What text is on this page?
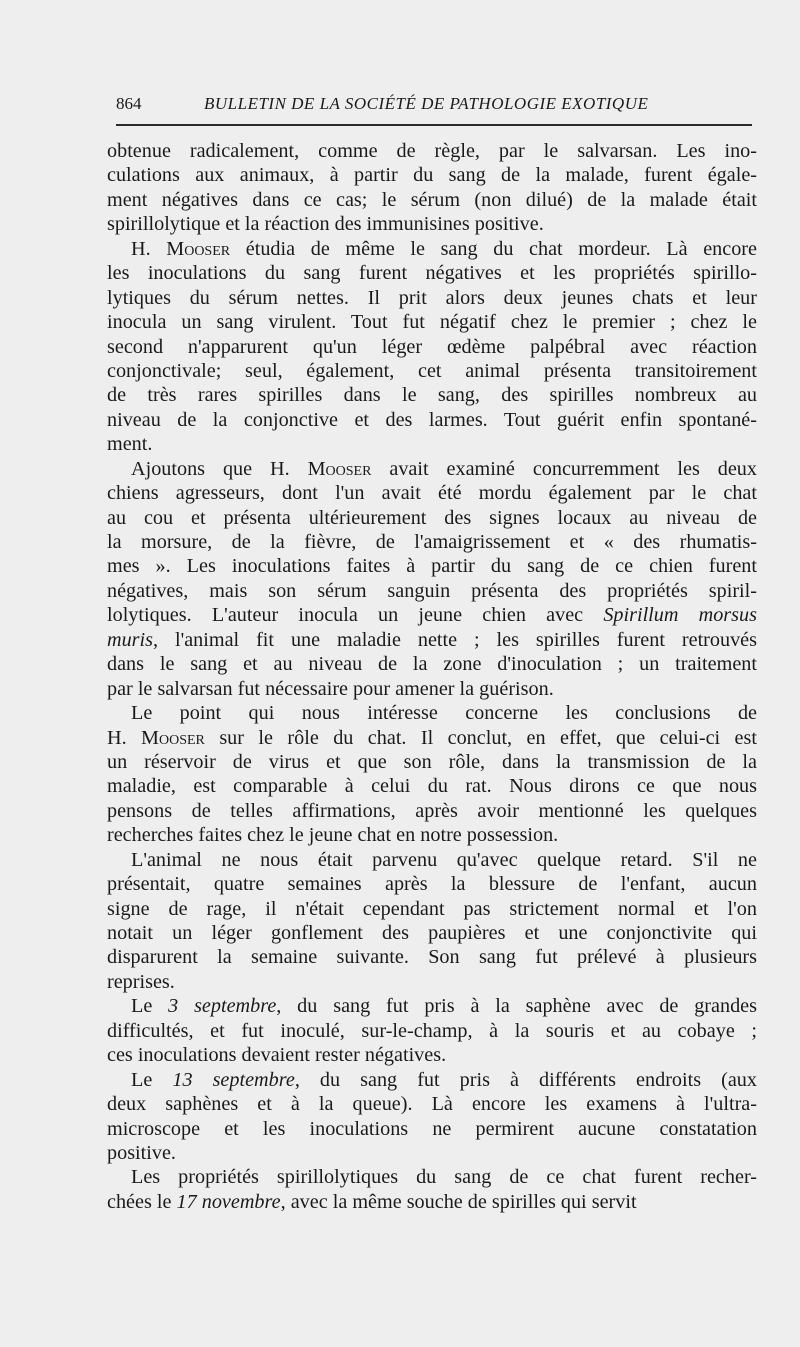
864	BULLETIN DE LA SOCIÉTÉ DE PATHOLOGIE EXOTIQUE
obtenue radicalement, comme de règle, par le salvarsan. Les ino-
culations aux animaux, à partir du sang de la malade, furent égale-
ment négatives dans ce cas; le sérum (non dilué) de la malade était
spirillolytique et la réaction des immunisines positive.
H. Mooser étudia de même le sang du chat mordeur. Là encore
les inoculations du sang furent négatives et les propriétés spirillo-
lytiques du sérum nettes. Il prit alors deux jeunes chats et leur
inocula un sang virulent. Tout fut négatif chez le premier ; chez le
second n'apparurent qu'un léger œdème palpébral avec réaction
conjonctivale; seul, également, cet animal présenta transitoirement
de très rares spirilles dans le sang, des spirilles nombreux au
niveau de la conjonctive et des larmes. Tout guérit enfin spontané-
ment.
Ajoutons que H. Mooser avait examiné concurremment les deux
chiens agresseurs, dont l'un avait été mordu également par le chat
au cou et présenta ultérieurement des signes locaux au niveau de
la morsure, de la fièvre, de l'amaigrissement et « des rhumatis-
mes ». Les inoculations faites à partir du sang de ce chien furent
négatives, mais son sérum sanguin présenta des propriétés spiril-
lolytiques. L'auteur inocula un jeune chien avec Spirillum morsus
muris, l'animal fit une maladie nette ; les spirilles furent retrouvés
dans le sang et au niveau de la zone d'inoculation ; un traitement
par le salvarsan fut nécessaire pour amener la guérison.
Le point qui nous intéresse concerne les conclusions de
H. Mooser sur le rôle du chat. Il conclut, en effet, que celui-ci est
un réservoir de virus et que son rôle, dans la transmission de la
maladie, est comparable à celui du rat. Nous dirons ce que nous
pensons de telles affirmations, après avoir mentionné les quelques
recherches faites chez le jeune chat en notre possession.
L'animal ne nous était parvenu qu'avec quelque retard. S'il ne
présentait, quatre semaines après la blessure de l'enfant, aucun
signe de rage, il n'était cependant pas strictement normal et l'on
notait un léger gonflement des paupières et une conjonctivite qui
disparurent la semaine suivante. Son sang fut prélevé à plusieurs
reprises.
Le 3 septembre, du sang fut pris à la saphène avec de grandes
difficultés, et fut inoculé, sur-le-champ, à la souris et au cobaye ;
ces inoculations devaient rester négatives.
Le 13 septembre, du sang fut pris à différents endroits (aux
deux saphènes et à la queue). Là encore les examens à l'ultra-
microscope et les inoculations ne permirent aucune constatation
positive.
Les propriétés spirillolytiques du sang de ce chat furent recher-
chées le 17 novembre, avec la même souche de spirilles qui servit
